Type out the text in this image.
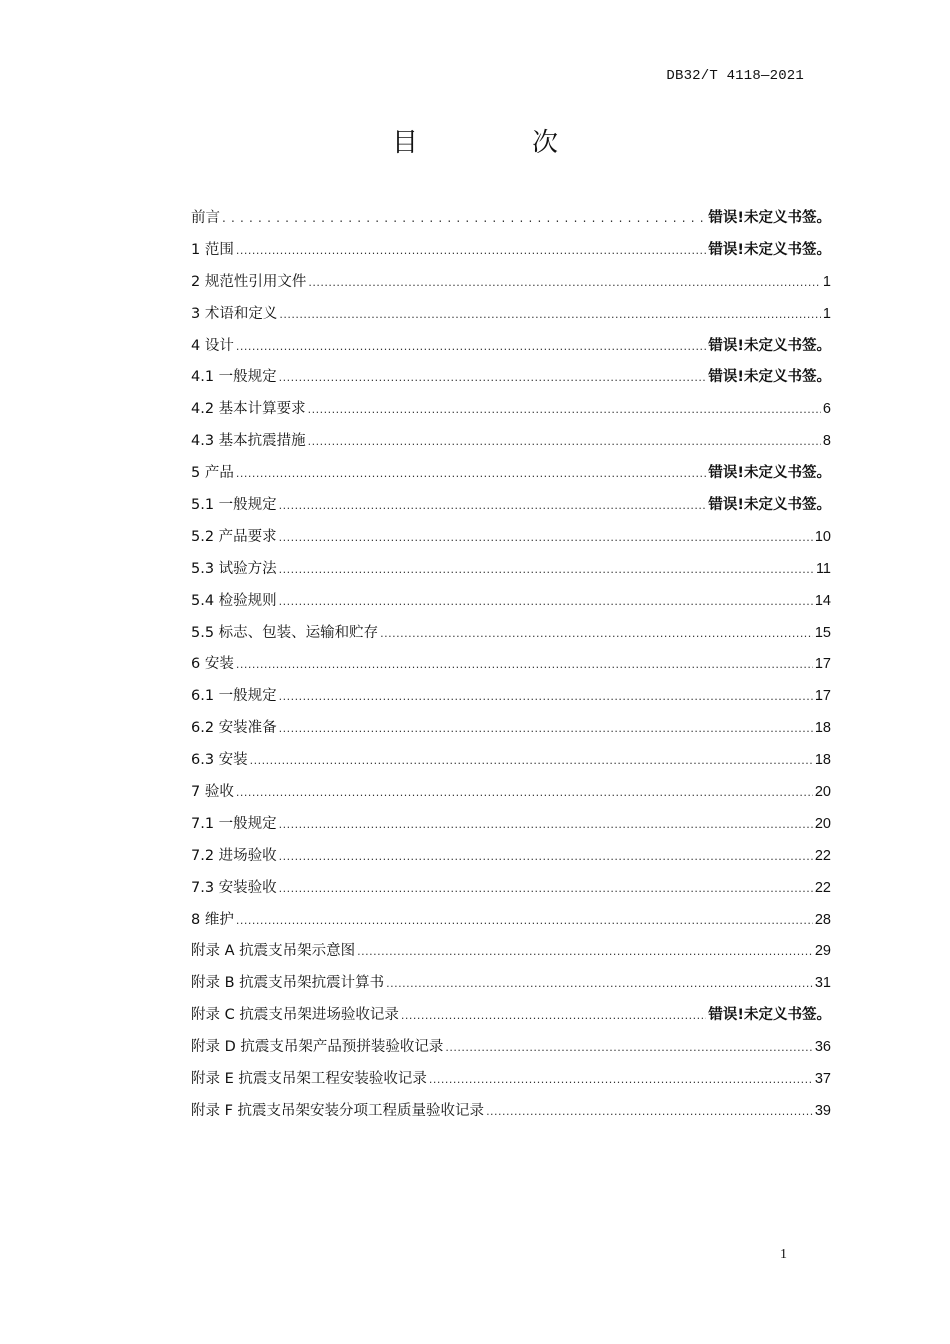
DB32/T 4118—2021
目　次
前言 .....	错误!未定义书签。
1 范围 .....	错误!未定义书签。
2 规范性引用文件 .....	1
3 术语和定义 .....	1
4 设计 .....	错误!未定义书签。
4.1 一般规定 .....	错误!未定义书签。
4.2 基本计算要求 .....	6
4.3 基本抗震措施 .....	8
5 产品 .....	错误!未定义书签。
5.1 一般规定 .....	错误!未定义书签。
5.2 产品要求 .....	10
5.3 试验方法 .....	11
5.4 检验规则 .....	14
5.5 标志、包装、运输和贮存 .....	15
6 安装 .....	17
6.1 一般规定 .....	17
6.2 安装准备 .....	18
6.3 安装 .....	18
7 验收 .....	20
7.1 一般规定 .....	20
7.2 进场验收 .....	22
7.3 安装验收 .....	22
8 维护 .....	28
附录 A 抗震支吊架示意图 .....	29
附录 B 抗震支吊架抗震计算书 .....	31
附录 C 抗震支吊架进场验收记录 .....	错误!未定义书签。
附录 D 抗震支吊架产品预拼装验收记录 .....	36
附录 E 抗震支吊架工程安装验收记录 .....	37
附录 F 抗震支吊架安装分项工程质量验收记录 .....	39
1
